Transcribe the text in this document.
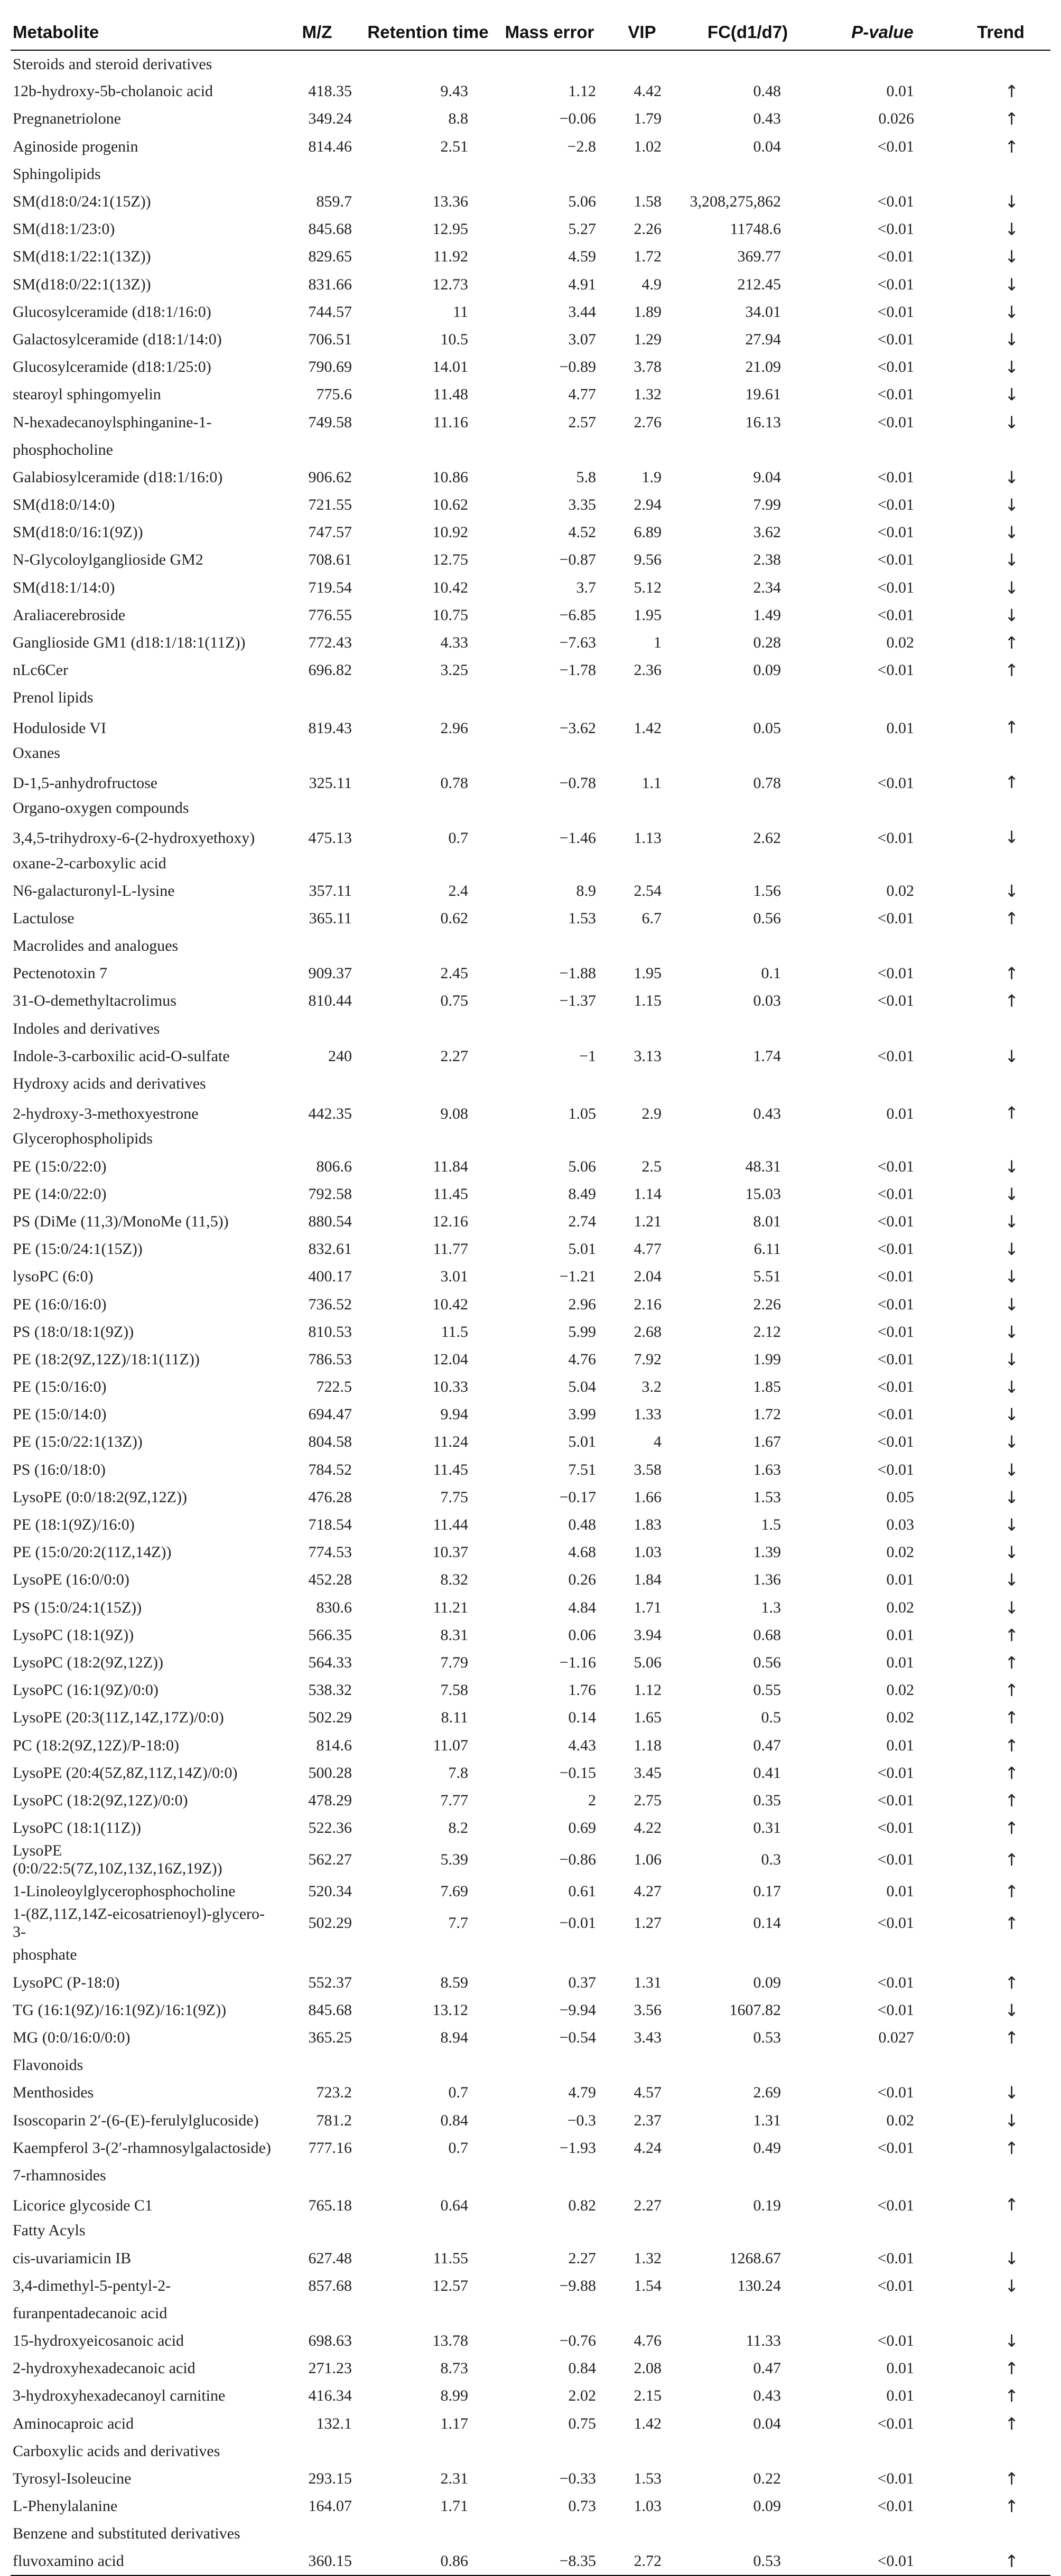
Metabolite	M/Z	Retention time	Mass error	VIP	FC(d1/d7)	P-value	Trend
Steroids and steroid derivatives							
12b-hydroxy-5b-cholanoic acid	418.35	9.43	1.12	4.42	0.48	0.01	↑
Pregnanetriolone	349.24	8.8	−0.06	1.79	0.43	0.026	↑
Aginoside progenin	814.46	2.51	−2.8	1.02	0.04	<0.01	↑
Sphingolipids							
SM(d18:0/24:1(15Z))	859.7	13.36	5.06	1.58	3,208,275,862	<0.01	↓
SM(d18:1/23:0)	845.68	12.95	5.27	2.26	11748.6	<0.01	↓
SM(d18:1/22:1(13Z))	829.65	11.92	4.59	1.72	369.77	<0.01	↓
SM(d18:0/22:1(13Z))	831.66	12.73	4.91	4.9	212.45	<0.01	↓
Glucosylceramide (d18:1/16:0)	744.57	11	3.44	1.89	34.01	<0.01	↓
Galactosylceramide (d18:1/14:0)	706.51	10.5	3.07	1.29	27.94	<0.01	↓
Glucosylceramide (d18:1/25:0)	790.69	14.01	−0.89	3.78	21.09	<0.01	↓
stearoyl sphingomyelin	775.6	11.48	4.77	1.32	19.61	<0.01	↓
N-hexadecanoylsphinganine-1-	749.58	11.16	2.57	2.76	16.13	<0.01	↓
phosphocholine							
Galabiosylceramide (d18:1/16:0)	906.62	10.86	5.8	1.9	9.04	<0.01	↓
SM(d18:0/14:0)	721.55	10.62	3.35	2.94	7.99	<0.01	↓
SM(d18:0/16:1(9Z))	747.57	10.92	4.52	6.89	3.62	<0.01	↓
N-Glycoloylganglioside GM2	708.61	12.75	−0.87	9.56	2.38	<0.01	↓
SM(d18:1/14:0)	719.54	10.42	3.7	5.12	2.34	<0.01	↓
Araliacerebroside	776.55	10.75	−6.85	1.95	1.49	<0.01	↓
Ganglioside GM1 (d18:1/18:1(11Z))	772.43	4.33	−7.63	1	0.28	0.02	↑
nLc6Cer	696.82	3.25	−1.78	2.36	0.09	<0.01	↑
Prenol lipids							
Hoduloside VI	819.43	2.96	−3.62	1.42	0.05	0.01	↑
Oxanes							
D-1,5-anhydrofructose	325.11	0.78	−0.78	1.1	0.78	<0.01	↑
Organo-oxygen compounds							
3,4,5-trihydroxy-6-(2-hydroxyethoxy)	475.13	0.7	−1.46	1.13	2.62	<0.01	↓
oxane-2-carboxylic acid							
N6-galacturonyl-L-lysine	357.11	2.4	8.9	2.54	1.56	0.02	↓
Lactulose	365.11	0.62	1.53	6.7	0.56	<0.01	↑
Macrolides and analogues							
Pectenotoxin 7	909.37	2.45	−1.88	1.95	0.1	<0.01	↑
31-O-demethyltacrolimus	810.44	0.75	−1.37	1.15	0.03	<0.01	↑
Indoles and derivatives							
Indole-3-carboxilic acid-O-sulfate	240	2.27	−1	3.13	1.74	<0.01	↓
Hydroxy acids and derivatives							
2-hydroxy-3-methoxyestrone	442.35	9.08	1.05	2.9	0.43	0.01	↑
Glycerophospholipids							
PE (15:0/22:0)	806.6	11.84	5.06	2.5	48.31	<0.01	↓
PE (14:0/22:0)	792.58	11.45	8.49	1.14	15.03	<0.01	↓
PS (DiMe (11,3)/MonoMe (11,5))	880.54	12.16	2.74	1.21	8.01	<0.01	↓
PE (15:0/24:1(15Z))	832.61	11.77	5.01	4.77	6.11	<0.01	↓
lysoPC (6:0)	400.17	3.01	−1.21	2.04	5.51	<0.01	↓
PE (16:0/16:0)	736.52	10.42	2.96	2.16	2.26	<0.01	↓
PS (18:0/18:1(9Z))	810.53	11.5	5.99	2.68	2.12	<0.01	↓
PE (18:2(9Z,12Z)/18:1(11Z))	786.53	12.04	4.76	7.92	1.99	<0.01	↓
PE (15:0/16:0)	722.5	10.33	5.04	3.2	1.85	<0.01	↓
PE (15:0/14:0)	694.47	9.94	3.99	1.33	1.72	<0.01	↓
PE (15:0/22:1(13Z))	804.58	11.24	5.01	4	1.67	<0.01	↓
PS (16:0/18:0)	784.52	11.45	7.51	3.58	1.63	<0.01	↓
LysoPE (0:0/18:2(9Z,12Z))	476.28	7.75	−0.17	1.66	1.53	0.05	↓
PE (18:1(9Z)/16:0)	718.54	11.44	0.48	1.83	1.5	0.03	↓
PE (15:0/20:2(11Z,14Z))	774.53	10.37	4.68	1.03	1.39	0.02	↓
LysoPE (16:0/0:0)	452.28	8.32	0.26	1.84	1.36	0.01	↓
PS (15:0/24:1(15Z))	830.6	11.21	4.84	1.71	1.3	0.02	↓
LysoPC (18:1(9Z))	566.35	8.31	0.06	3.94	0.68	0.01	↑
LysoPC (18:2(9Z,12Z))	564.33	7.79	−1.16	5.06	0.56	0.01	↑
LysoPC (16:1(9Z)/0:0)	538.32	7.58	1.76	1.12	0.55	0.02	↑
LysoPE (20:3(11Z,14Z,17Z)/0:0)	502.29	8.11	0.14	1.65	0.5	0.02	↑
PC (18:2(9Z,12Z)/P-18:0)	814.6	11.07	4.43	1.18	0.47	0.01	↑
LysoPE (20:4(5Z,8Z,11Z,14Z)/0:0)	500.28	7.8	−0.15	3.45	0.41	<0.01	↑
LysoPC (18:2(9Z,12Z)/0:0)	478.29	7.77	2	2.75	0.35	<0.01	↑
LysoPC (18:1(11Z))	522.36	8.2	0.69	4.22	0.31	<0.01	↑
LysoPE (0:0/22:5(7Z,10Z,13Z,16Z,19Z))	562.27	5.39	−0.86	1.06	0.3	<0.01	↑
1-Linoleoylglycerophosphocholine	520.34	7.69	0.61	4.27	0.17	0.01	↑
1-(8Z,11Z,14Z-eicosatrienoyl)-glycero-3-	502.29	7.7	−0.01	1.27	0.14	<0.01	↑
phosphate							
LysoPC (P-18:0)	552.37	8.59	0.37	1.31	0.09	<0.01	↑
TG (16:1(9Z)/16:1(9Z)/16:1(9Z))	845.68	13.12	−9.94	3.56	1607.82	<0.01	↓
MG (0:0/16:0/0:0)	365.25	8.94	−0.54	3.43	0.53	0.027	↑
Flavonoids							
Menthosides	723.2	0.7	4.79	4.57	2.69	<0.01	↓
Isoscoparin 2′-(6-(E)-ferulylglucoside)	781.2	0.84	−0.3	2.37	1.31	0.02	↓
Kaempferol 3-(2′-rhamnosylgalactoside)	777.16	0.7	−1.93	4.24	0.49	<0.01	↑
7-rhamnosides							
Licorice glycoside C1	765.18	0.64	0.82	2.27	0.19	<0.01	↑
Fatty Acyls							
cis-uvariamicin IB	627.48	11.55	2.27	1.32	1268.67	<0.01	↓
3,4-dimethyl-5-pentyl-2-	857.68	12.57	−9.88	1.54	130.24	<0.01	↓
furanpentadecanoic acid							
15-hydroxyeicosanoic acid	698.63	13.78	−0.76	4.76	11.33	<0.01	↓
2-hydroxyhexadecanoic acid	271.23	8.73	0.84	2.08	0.47	0.01	↑
3-hydroxyhexadecanoyl carnitine	416.34	8.99	2.02	2.15	0.43	0.01	↑
Aminocaproic acid	132.1	1.17	0.75	1.42	0.04	<0.01	↑
Carboxylic acids and derivatives							
Tyrosyl-Isoleucine	293.15	2.31	−0.33	1.53	0.22	<0.01	↑
L-Phenylalanine	164.07	1.71	0.73	1.03	0.09	<0.01	↑
Benzene and substituted derivatives							
fluvoxamino acid	360.15	0.86	−8.35	2.72	0.53	<0.01	↑
